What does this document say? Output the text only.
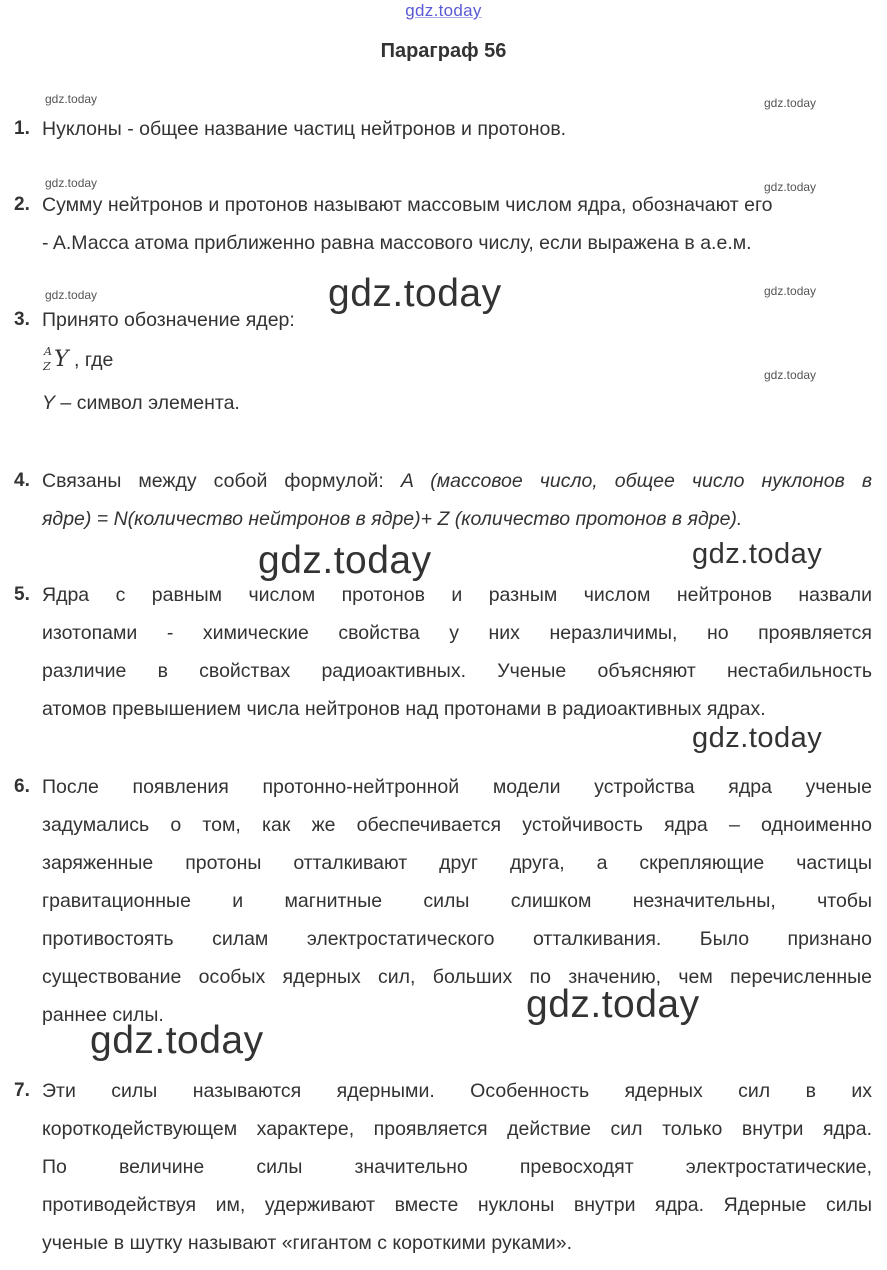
gdz.today
Параграф 56
gdz.today	gdz.today
gdz.today	gdz.today
gdz.today	gdz.today
gdz.today
gdz.today
gdz.today	gdz.today
gdz.today
gdz.today
gdz.today
1. Нуклоны - общее название частиц нейтронов и протонов.
2. Сумму нейтронов и протонов называют массовым числом ядра, обозначают его
- A.Масса атома приближенно равна массового числу, если выражена в а.е.м.
3. Принято обозначение ядер:
A
Z Y , где
Y – символ элемента.
4. Связаны между собой формулой: A (массовое число, общее число нуклонов в
ядре) = N(количество нейтронов в ядре)+ Z (количество протонов в ядре).
5. Ядра с равным числом протонов и разным числом нейтронов назвали
изотопами - химические свойства у них неразличимы, но проявляется
различие в свойствах радиоактивных. Ученые объясняют нестабильность
атомов превышением числа нейтронов над протонами в радиоактивных ядрах.
6. После появления протонно-нейтронной модели устройства ядра ученые
задумались о том, как же обеспечивается устойчивость ядра – одноименно
заряженные протоны отталкивают друг друга, а скрепляющие частицы
гравитационные и магнитные силы слишком незначительны, чтобы
противостоять силам электростатического отталкивания. Было признано
существование особых ядерных сил, больших по значению, чем перечисленные
раннее силы.
7. Эти силы называются ядерными. Особенность ядерных сил в их
короткодействующем характере, проявляется действие сил только внутри ядра.
По величине силы значительно превосходят электростатические,
противодействуя им, удерживают вместе нуклоны внутри ядра. Ядерные силы
ученые в шутку называют «гигантом с короткими руками».
